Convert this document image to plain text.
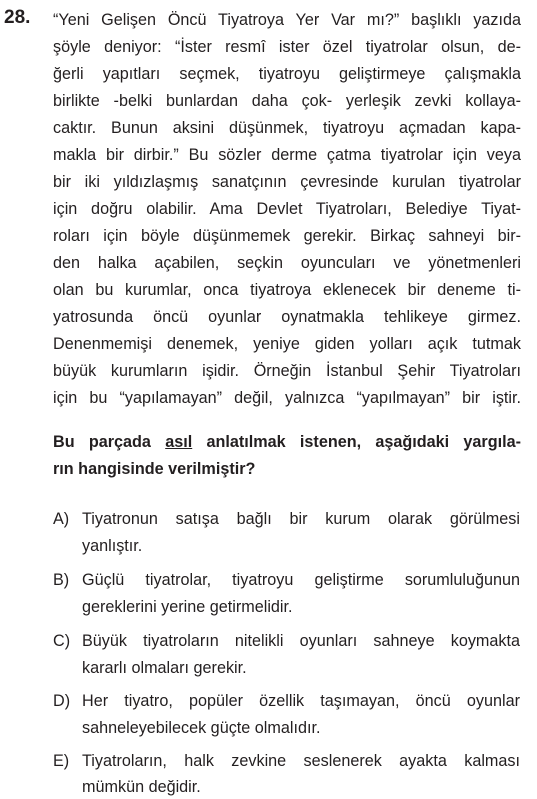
28. “Yeni Gelişen Öncü Tiyatroya Yer Var mı?” başlıklı yazıda
şöyle deniyor: “İster resmî ister özel tiyatrolar olsun, de-
ğerli yapıtları seçmek, tiyatroyu geliştirmeye çalışmakla
birlikte -belki bunlardan daha çok- yerleşik zevki kollaya-
caktır. Bunun aksini düşünmek, tiyatroyu açmadan kapa-
makla bir dirbir.” Bu sözler derme çatma tiyatrolar için veya
bir iki yıldızlaşmış sanatçının çevresinde kurulan tiyatrolar
için doğru olabilir. Ama Devlet Tiyatroları, Belediye Tiyat-
roları için böyle düşünmemek gerekir. Birkaç sahneyi bir-
den halka açabilen, seçkin oyuncuları ve yönetmenleri
olan bu kurumlar, onca tiyatroya eklenecek bir deneme ti-
yatrosunda öncü oyunlar oynatmakla tehlikeye girmez.
Denenmemişi denemek, yeniye giden yolları açık tutmak
büyük kurumların işidir. Örneğin İstanbul Şehir Tiyatroları
için bu “yapılamayan” değil, yalnızca “yapılmayan” bir iştir.
Bu parçada asıl anlatılmak istenen, aşağıdaki yargıla-
rın hangisinde verilmiştir?
A) Tiyatronun satışa bağlı bir kurum olarak görülmesi
yanlıştır.
B) Güçlü tiyatrolar, tiyatroyu geliştirme sorumluluğunun
gereklerini yerine getirmelidir.
C) Büyük tiyatroların nitelikli oyunları sahneye koymakta
kararlı olmaları gerekir.
D) Her tiyatro, popüler özellik taşımayan, öncü oyunlar
sahneleyebilecek güçte olmalıdır.
E) Tiyatroların, halk zevkine seslenerek ayakta kalması
mümkün değidir.
